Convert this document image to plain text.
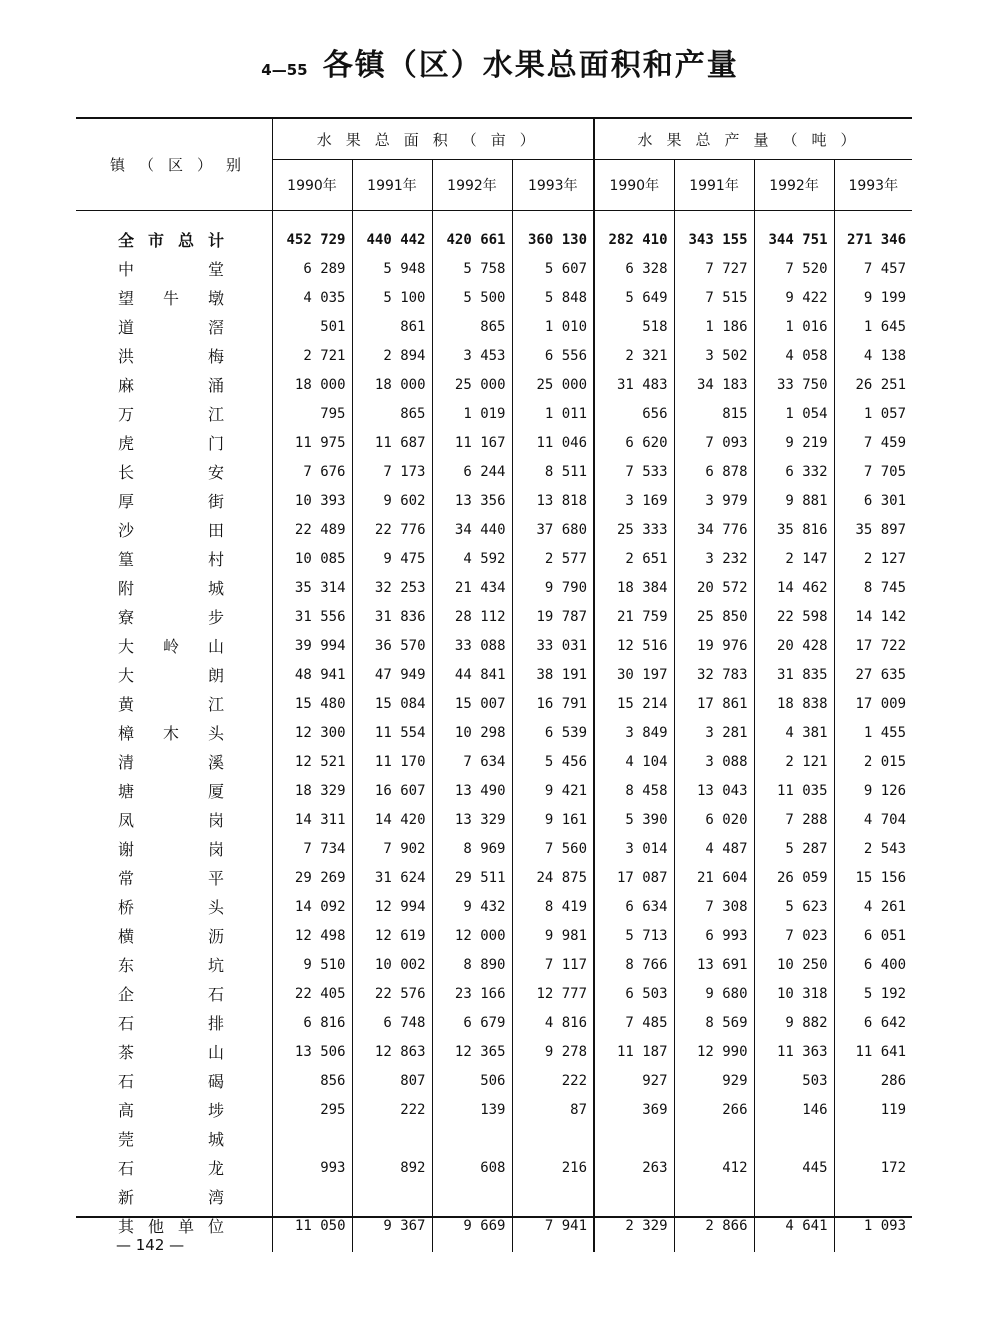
4—55 各镇（区）水果总面积和产量
镇（区）别	水果总面积（亩）				水果总产量（吨）			
	1990年	1991年	1992年	1993年	1990年	1991年	1992年	1993年

全 市 总 计	452 729	440 442	420 661	360 130	282 410	343 155	344 751	271 346

中 堂	6 289	5 948	5 758	5 607	6 328	7 727	7 520	7 457

望 牛 墩	4 035	5 100	5 500	5 848	5 649	7 515	9 422	9 199

道 滘	501	861	865	1 010	518	1 186	1 016	1 645

洪 梅	2 721	2 894	3 453	6 556	2 321	3 502	4 058	4 138

麻 涌	18 000	18 000	25 000	25 000	31 483	34 183	33 750	26 251

万 江	795	865	1 019	1 011	656	815	1 054	1 057

虎 门	11 975	11 687	11 167	11 046	6 620	7 093	9 219	7 459

长 安	7 676	7 173	6 244	8 511	7 533	6 878	6 332	7 705

厚 街	10 393	9 602	13 356	13 818	3 169	3 979	9 881	6 301

沙 田	22 489	22 776	34 440	37 680	25 333	34 776	35 816	35 897

篁 村	10 085	9 475	4 592	2 577	2 651	3 232	2 147	2 127

附 城	35 314	32 253	21 434	9 790	18 384	20 572	14 462	8 745

寮 步	31 556	31 836	28 112	19 787	21 759	25 850	22 598	14 142

大 岭 山	39 994	36 570	33 088	33 031	12 516	19 976	20 428	17 722

大 朗	48 941	47 949	44 841	38 191	30 197	32 783	31 835	27 635

黄 江	15 480	15 084	15 007	16 791	15 214	17 861	18 838	17 009

樟 木 头	12 300	11 554	10 298	6 539	3 849	3 281	4 381	1 455

清 溪	12 521	11 170	7 634	5 456	4 104	3 088	2 121	2 015

塘 厦	18 329	16 607	13 490	9 421	8 458	13 043	11 035	9 126

凤 岗	14 311	14 420	13 329	9 161	5 390	6 020	7 288	4 704

谢 岗	7 734	7 902	8 969	7 560	3 014	4 487	5 287	2 543

常 平	29 269	31 624	29 511	24 875	17 087	21 604	26 059	15 156

桥 头	14 092	12 994	9 432	8 419	6 634	7 308	5 623	4 261

横 沥	12 498	12 619	12 000	9 981	5 713	6 993	7 023	6 051

东 坑	9 510	10 002	8 890	7 117	8 766	13 691	10 250	6 400

企 石	22 405	22 576	23 166	12 777	6 503	9 680	10 318	5 192

石 排	6 816	6 748	6 679	4 816	7 485	8 569	9 882	6 642

茶 山	13 506	12 863	12 365	9 278	11 187	12 990	11 363	11 641

石 碣	856	807	506	222	927	929	503	286

高 埗	295	222	139	87	369	266	146	119

莞 城								

石 龙	993	892	608	216	263	412	445	172

新 湾								

其 他 单 位	11 050	9 367	9 669	7 941	2 329	2 866	4 641	1 093
— 142 —
